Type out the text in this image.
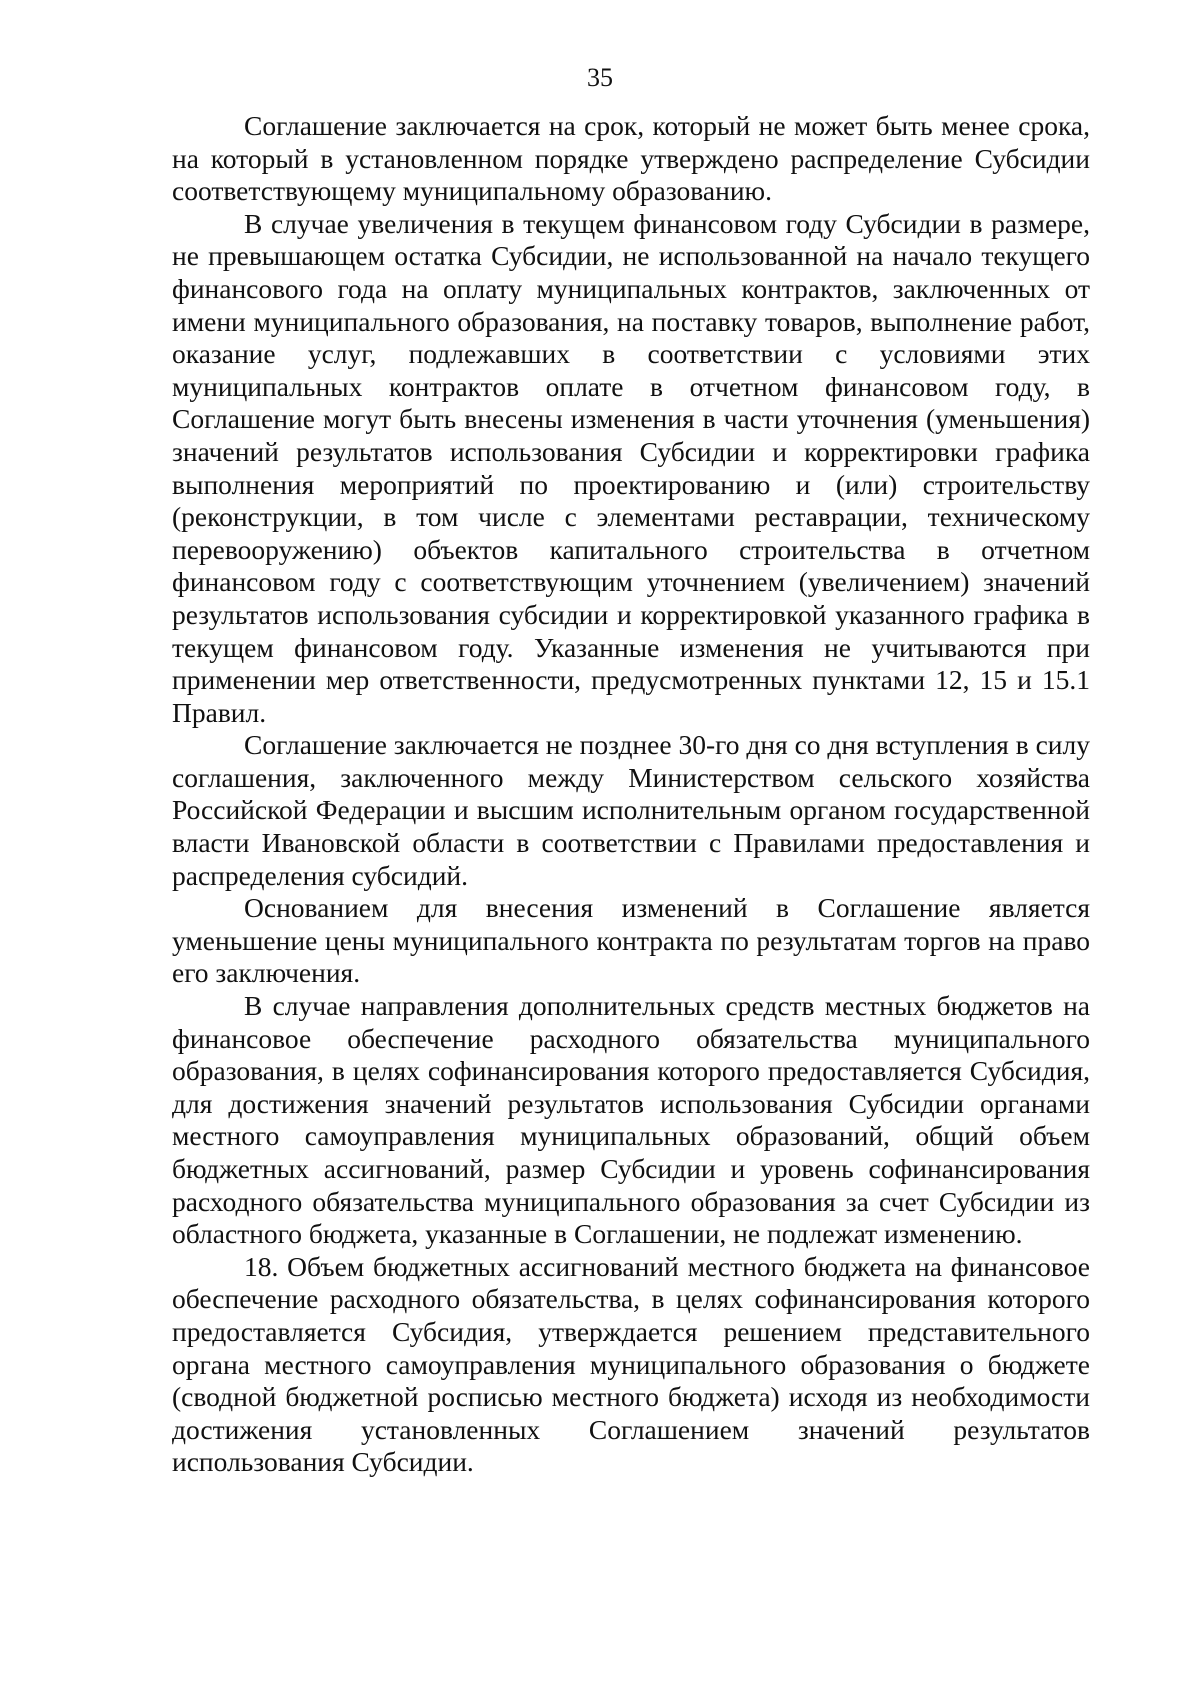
35

Соглашение заключается на срок, который не может быть менее срока, на который в установленном порядке утверждено распределение Субсидии соответствующему муниципальному образованию.

В случае увеличения в текущем финансовом году Субсидии в размере, не превышающем остатка Субсидии, не использованной на начало текущего финансового года на оплату муниципальных контрактов, заключенных от имени муниципального образования, на поставку товаров, выполнение работ, оказание услуг, подлежавших в соответствии с условиями этих муниципальных контрактов оплате в отчетном финансовом году, в Соглашение могут быть внесены изменения в части уточнения (уменьшения) значений результатов использования Субсидии и корректировки графика выполнения мероприятий по проектированию и (или) строительству (реконструкции, в том числе с элементами реставрации, техническому перевооружению) объектов капитального строительства в отчетном финансовом году с соответствующим уточнением (увеличением) значений результатов использования субсидии и корректировкой указанного графика в текущем финансовом году. Указанные изменения не учитываются при применении мер ответственности, предусмотренных пунктами 12, 15 и 15.1 Правил.

Соглашение заключается не позднее 30-го дня со дня вступления в силу соглашения, заключенного между Министерством сельского хозяйства Российской Федерации и высшим исполнительным органом государственной власти Ивановской области в соответствии с Правилами предоставления и распределения субсидий.

Основанием для внесения изменений в Соглашение является уменьшение цены муниципального контракта по результатам торгов на право его заключения.

В случае направления дополнительных средств местных бюджетов на финансовое обеспечение расходного обязательства муниципального образования, в целях софинансирования которого предоставляется Субсидия, для достижения значений результатов использования Субсидии органами местного самоуправления муниципальных образований, общий объем бюджетных ассигнований, размер Субсидии и уровень софинансирования расходного обязательства муниципального образования за счет Субсидии из областного бюджета, указанные в Соглашении, не подлежат изменению.

18. Объем бюджетных ассигнований местного бюджета на финансовое обеспечение расходного обязательства, в целях софинансирования которого предоставляется Субсидия, утверждается решением представительного органа местного самоуправления муниципального образования о бюджете (сводной бюджетной росписью местного бюджета) исходя из необходимости достижения установленных Соглашением значений результатов использования Субсидии.
